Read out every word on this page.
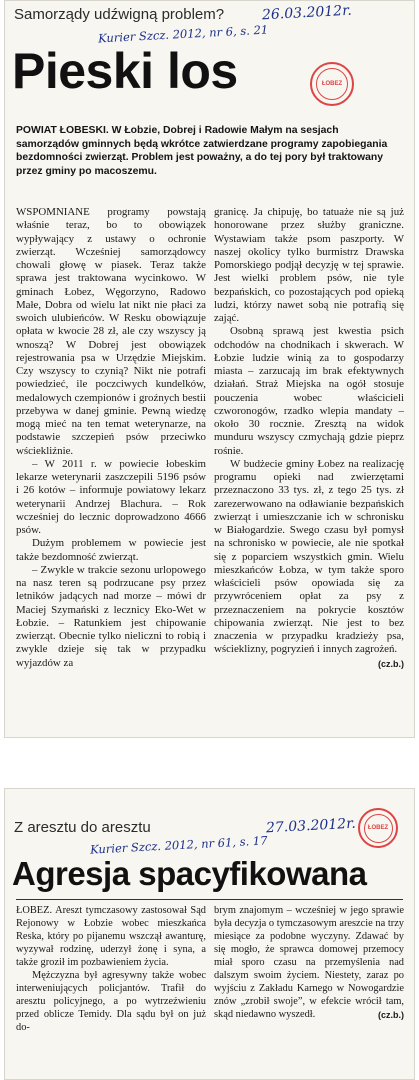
Samorządy udźwigną problem?	26.03.2012r.
Kurier Szcz. 2012, nr 6, s. 21
Pieski los	ŁOBEZ

POWIAT ŁOBESKI. W Łobzie, Dobrej i Radowie Małym na sesjach samorządów gminnych będą wkrótce zatwierdzane programy zapobiegania bezdomności zwierząt. Problem jest poważny, a do tej pory był traktowany przez gminy po macoszemu.

WSPOMNIANE programy powstają właśnie teraz, bo to obowiązek wypływający z ustawy o ochronie zwierząt. Wcześniej samorządowcy chowali głowę w piasek. Teraz także sprawa jest traktowana wycinkowo. W gminach Łobez, Węgorzyno, Radowo Małe, Dobra od wielu lat nikt nie płaci za swoich ulubieńców. W Resku obowiązuje opłata w kwocie 28 zł, ale czy wszyscy ją wnoszą? W Dobrej jest obowiązek rejestrowania psa w Urzędzie Miejskim. Czy wszyscy to czynią? Nikt nie potrafi powiedzieć, ile poczciwych kundelków, medalowych czempionów i groźnych bestii przebywa w danej gminie. Pewną wiedzę mogą mieć na ten temat weterynarze, na podstawie szczepień psów przeciwko wściekliźnie.

– W 2011 r. w powiecie łobeskim lekarze weterynarii zaszczepili 5196 psów i 26 kotów – informuje powiatowy lekarz weterynarii Andrzej Blachura. – Rok wcześniej do lecznic doprowadzono 4666 psów.

Dużym problemem w powiecie jest także bezdomność zwierząt.

– Zwykle w trakcie sezonu urlopowego na nasz teren są podrzucane psy przez letników jadących nad morze – mówi dr Maciej Szymański z lecznicy Eko-Wet w Łobzie. – Ratunkiem jest chipowanie zwierząt. Obecnie tylko nieliczni to robią i zwykle dzieje się tak w przypadku wyjazdów za

granicę. Ja chipuję, bo tatuaże nie są już honorowane przez służby graniczne. Wystawiam także psom paszporty. W naszej okolicy tylko burmistrz Drawska Pomorskiego podjął decyzję w tej sprawie. Jest wielki problem psów, nie tyle bezpańskich, co pozostających pod opieką ludzi, którzy nawet sobą nie potrafią się zająć.

Osobną sprawą jest kwestia psich odchodów na chodnikach i skwerach. W Łobzie ludzie winią za to gospodarzy miasta – zarzucają im brak efektywnych działań. Straż Miejska na ogół stosuje pouczenia wobec właścicieli czworonogów, rzadko wlepia mandaty – około 30 rocznie. Zresztą na widok munduru wszyscy czmychają gdzie pieprz rośnie.

W budżecie gminy Łobez na realizację programu opieki nad zwierzętami przeznaczono 33 tys. zł, z tego 25 tys. zł zarezerwowano na odławianie bezpańskich zwierząt i umieszczanie ich w schronisku w Białogardzie. Swego czasu był pomysł na schronisko w powiecie, ale nie spotkał się z poparciem wszystkich gmin. Wielu mieszkańców Łobza, w tym także sporo właścicieli psów opowiada się za przywróceniem opłat za psy z przeznaczeniem na pokrycie kosztów chipowania zwierząt. Nie jest to bez znaczenia w przypadku kradzieży psa, wścieklizny, pogryzień i innych zagrożeń.
(cz.b.)

Z aresztu do aresztu	27.03.2012r.
Kurier Szcz. 2012, nr 61, s. 17
ŁOBEZ
Agresja spacyfikowana

ŁOBEZ. Areszt tymczasowy zastosował Sąd Rejonowy w Łobzie wobec mieszkańca Reska, który po pijanemu wszczął awanturę, wyzywał rodzinę, uderzył żonę i syna, a także groził im pozbawieniem życia.

Mężczyzna był agresywny także wobec interweniujących policjantów. Trafił do aresztu policyjnego, a po wytrzeźwieniu przed oblicze Temidy. Dla sądu był on już do-

brym znajomym – wcześniej w jego sprawie była decyzja o tymczasowym areszcie na trzy miesiące za podobne wyczyny. Zdawać by się mogło, że sprawca domowej przemocy miał sporo czasu na przemyślenia nad dalszym swoim życiem. Niestety, zaraz po wyjściu z Zakładu Karnego w Nowogardzie znów „zrobił swoje”, w efekcie wrócił tam, skąd niedawno wyszedł.	(cz.b.)
